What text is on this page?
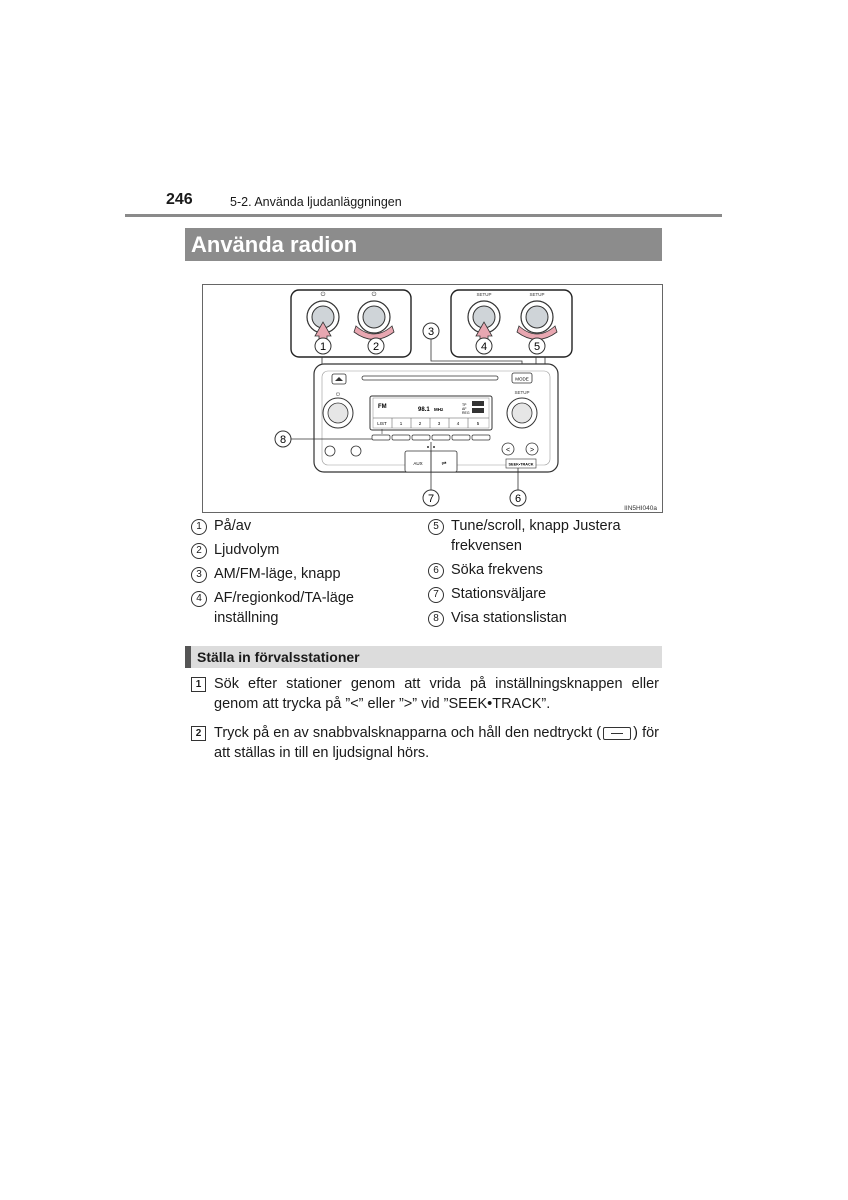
246	5-2. Använda ljudanläggningen
Använda radion
⏻	⏻
1	2
SETUP	SETUP
4	5
3
MODE
⏻	SETUP
FM	98.1 MHz
TP
AF
REG
LIST	1	2	3	4	5
AUX	⇌
<	>
SEEK•TRACK
8
7	6
IIN5HI040a
1 På/av
2 Ljudvolym
3 AM/FM-läge, knapp
4 AF/regionkod/TA-läge inställning
5 Tune/scroll, knapp Justera frekvensen
6 Söka frekvens
7 Stationsväljare
8 Visa stationslistan
Ställa in förvalsstationer
1 Sök efter stationer genom att vrida på inställningsknappen eller genom att trycka på ”<” eller ”>” vid ”SEEK•TRACK”.
2 Tryck på en av snabbvalsknapparna och håll den nedtryckt ( ) för att ställas in till en ljudsignal hörs.
